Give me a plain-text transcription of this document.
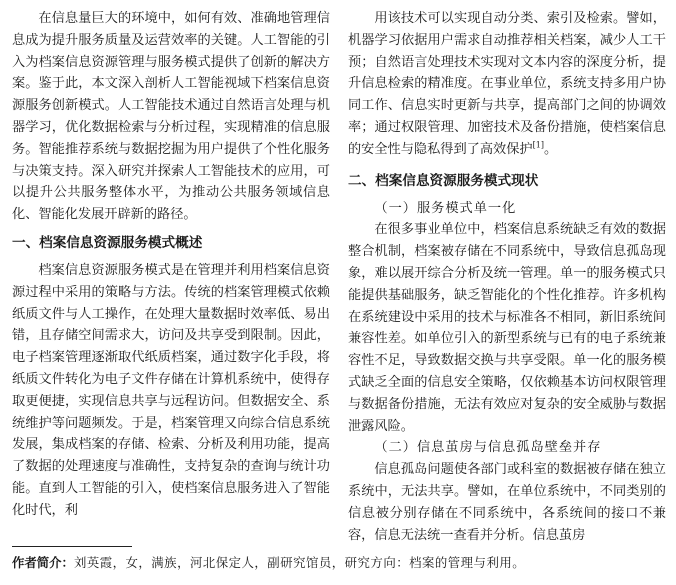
在信息量巨大的环境中，如何有效、准确地管理信息成为提升服务质量及运营效率的关键。人工智能的引入为档案信息资源管理与服务模式提供了创新的解决方案。鉴于此，本文深入剖析人工智能视域下档案信息资源服务创新模式。人工智能技术通过自然语言处理与机器学习，优化数据检索与分析过程，实现精准的信息服务。智能推荐系统与数据挖掘为用户提供了个性化服务与决策支持。深入研究并探索人工智能技术的应用，可以提升公共服务整体水平，为推动公共服务领域信息化、智能化发展开辟新的路径。

一、档案信息资源服务模式概述

档案信息资源服务模式是在管理并利用档案信息资源过程中采用的策略与方法。传统的档案管理模式依赖纸质文件与人工操作，在处理大量数据时效率低、易出错，且存储空间需求大，访问及共享受到限制。因此，电子档案管理逐渐取代纸质档案，通过数字化手段，将纸质文件转化为电子文件存储在计算机系统中，使得存取更便捷，实现信息共享与远程访问。但数据安全、系统维护等问题频发。于是，档案管理又向综合信息系统发展，集成档案的存储、检索、分析及利用功能，提高了数据的处理速度与准确性，支持复杂的查询与统计功能。直到人工智能的引入，使档案信息服务进入了智能化时代，利

用该技术可以实现自动分类、索引及检索。譬如，机器学习依据用户需求自动推荐相关档案，减少人工干预；自然语言处理技术实现对文本内容的深度分析，提升信息检索的精准度。在事业单位，系统支持多用户协同工作、信息实时更新与共享，提高部门之间的协调效率；通过权限管理、加密技术及备份措施，使档案信息的安全性与隐私得到了高效保护[1]。

二、档案信息资源服务模式现状

（一）服务模式单一化

在很多事业单位中，档案信息系统缺乏有效的数据整合机制，档案被存储在不同系统中，导致信息孤岛现象，难以展开综合分析及统一管理。单一的服务模式只能提供基础服务，缺乏智能化的个性化推荐。许多机构在系统建设中采用的技术与标准各不相同，新旧系统间兼容性差。如单位引入的新型系统与已有的电子系统兼容性不足，导致数据交换与共享受限。单一化的服务模式缺乏全面的信息安全策略，仅依赖基本访问权限管理与数据备份措施，无法有效应对复杂的安全威胁与数据泄露风险。

（二）信息茧房与信息孤岛壁垒并存

信息孤岛问题使各部门或科室的数据被存储在独立系统中，无法共享。譬如，在单位系统中，不同类别的信息被分别存储在不同系统中，各系统间的接口不兼容，信息无法统一查看并分析。信息茧房

作者简介：刘英霞，女，满族，河北保定人，副研究馆员，研究方向：档案的管理与利用。
